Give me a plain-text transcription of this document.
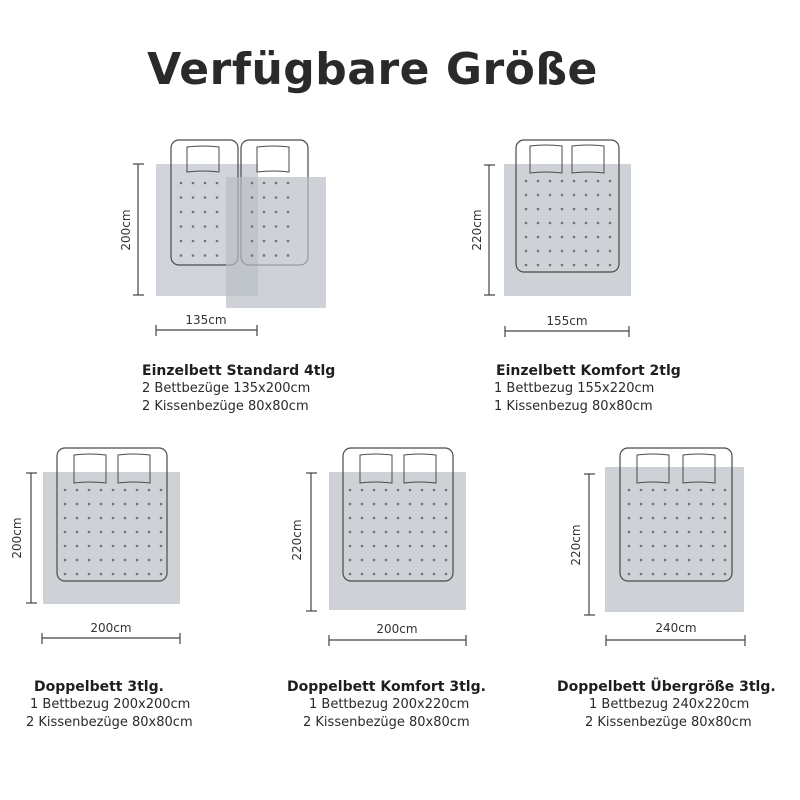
Verfügbare Größe
200cm
135cm
220cm
155cm
200cm
200cm
220cm
200cm
220cm
240cm
Einzelbett Standard 4tlg
2 Bettbezüge 135x200cm
2 Kissenbezüge 80x80cm
Einzelbett Komfort 2tlg
1 Bettbezug 155x220cm
1 Kissenbezug 80x80cm
Doppelbett 3tlg.
1 Bettbezug 200x200cm
2 Kissenbezüge 80x80cm
Doppelbett Komfort 3tlg.
1 Bettbezug 200x220cm
2 Kissenbezüge 80x80cm
Doppelbett Übergröße 3tlg.
1 Bettbezug 240x220cm
2 Kissenbezüge 80x80cm
